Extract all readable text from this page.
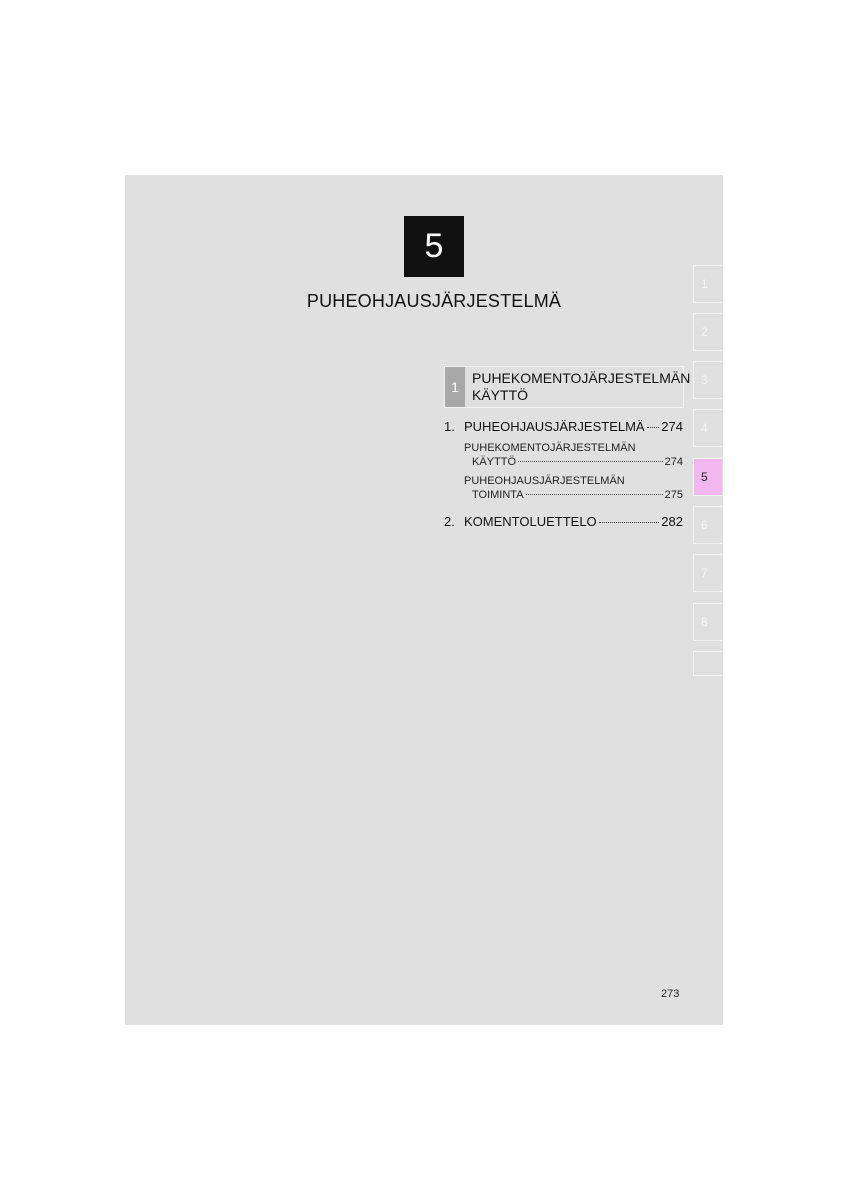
5
PUHEOHJAUSJÄRJESTELMÄ
1
PUHEKOMENTOJÄRJESTELMÄN KÄYTTÖ
1. PUHEOHJAUSJÄRJESTELMÄ 274
PUHEKOMENTOJÄRJESTELMÄN
KÄYTTÖ	274
PUHEOHJAUSJÄRJESTELMÄN
TOIMINTA	275
2. KOMENTOLUETTELO	282
1
2
3
4
5
6
7
8
273
